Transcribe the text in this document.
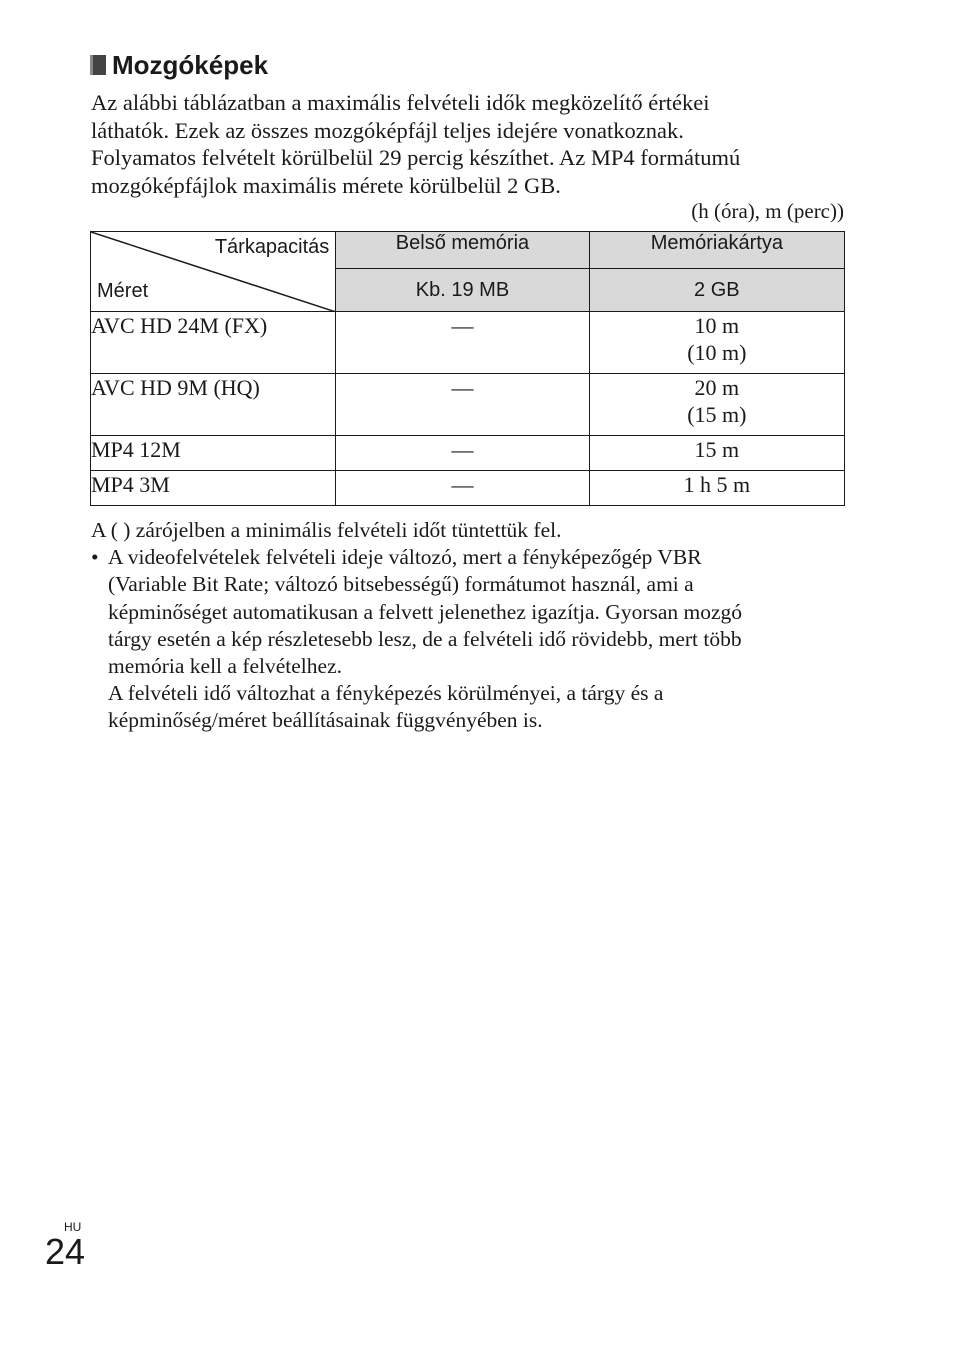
Mozgóképek

Az alábbi táblázatban a maximális felvételi idők megközelítő értékei

láthatók. Ezek az összes mozgóképfájl teljes idejére vonatkoznak.

Folyamatos felvételt körülbelül 29 percig készíthet. Az MP4 formátumú

mozgóképfájlok maximális mérete körülbelül 2 GB.

(h (óra), m (perc))
Tárkapacitás
Méret	Belső memória	Memóriakártya
	Kb. 19 MB	2 GB
AVC HD 24M (FX)	—	10 m
(10 m)

AVC HD 9M (HQ)	—	20 m
(15 m)

MP4 12M	—	15 m
MP4 3M	—	1 h 5 m

A ( ) zárójelben a minimális felvételi időt tüntettük fel.

• A videofelvételek felvételi ideje változó, mert a fényképezőgép VBR

(Variable Bit Rate; változó bitsebességű) formátumot használ, ami a

képminőséget automatikusan a felvett jelenethez igazítja. Gyorsan mozgó

tárgy esetén a kép részletesebb lesz, de a felvételi idő rövidebb, mert több

memória kell a felvételhez.

A felvételi idő változhat a fényképezés körülményei, a tárgy és a

képminőség/méret beállításainak függvényében is.

HU
24
